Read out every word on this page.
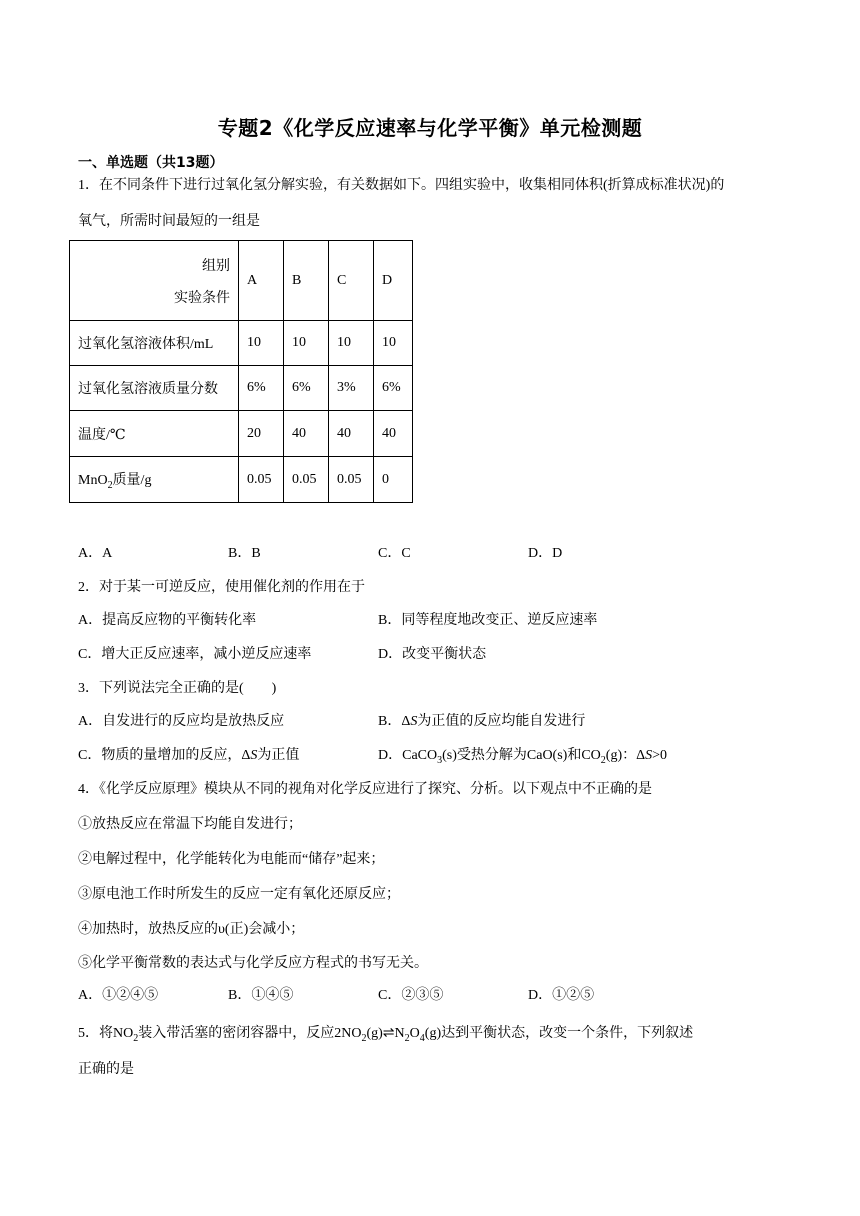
专题2《化学反应速率与化学平衡》单元检测题
一、单选题（共13题）
1．在不同条件下进行过氧化氢分解实验，有关数据如下。四组实验中，收集相同体积(折算成标准状况)的
氧气，所需时间最短的一组是
组别
实验条件	A	B	C	D
过氧化氢溶液体积/mL	10	10	10	10
过氧化氢溶液质量分数	6%	6%	3%	6%
温度/℃	20	40	40	40
MnO$_2$质量/g	0.05	0.05	0.05	0
A．A	B．B	C．C	D．D
2．对于某一可逆反应，使用催化剂的作用在于
A．提高反应物的平衡转化率	B．同等程度地改变正、逆反应速率
C．增大正反应速率，减小逆反应速率	D．改变平衡状态
3．下列说法完全正确的是(　　)
A．自发进行的反应均是放热反应	B．ΔS为正值的反应均能自发进行
C．物质的量增加的反应，ΔS为正值	D．CaCO$_3$(s)受热分解为CaO(s)和$CO_2(g)$：ΔS>0
4．《化学反应原理》模块从不同的视角对化学反应进行了探究、分析。以下观点中不正确的是
①放热反应在常温下均能自发进行；
②电解过程中，化学能转化为电能而“储存”起来；
③原电池工作时所发生的反应一定有氧化还原反应；
④加热时，放热反应的υ(正)会减小；
⑤化学平衡常数的表达式与化学反应方程式的书写无关。
A．①②④⑤	B．①④⑤	C．②③⑤	D．①②⑤
5．将$NO_2$装入带活塞的密闭容器中，反应$2NO_2(g)\rightleftharpoons N_2O_4(g)$达到平衡状态，改变一个条件，下列叙述
正确的是
